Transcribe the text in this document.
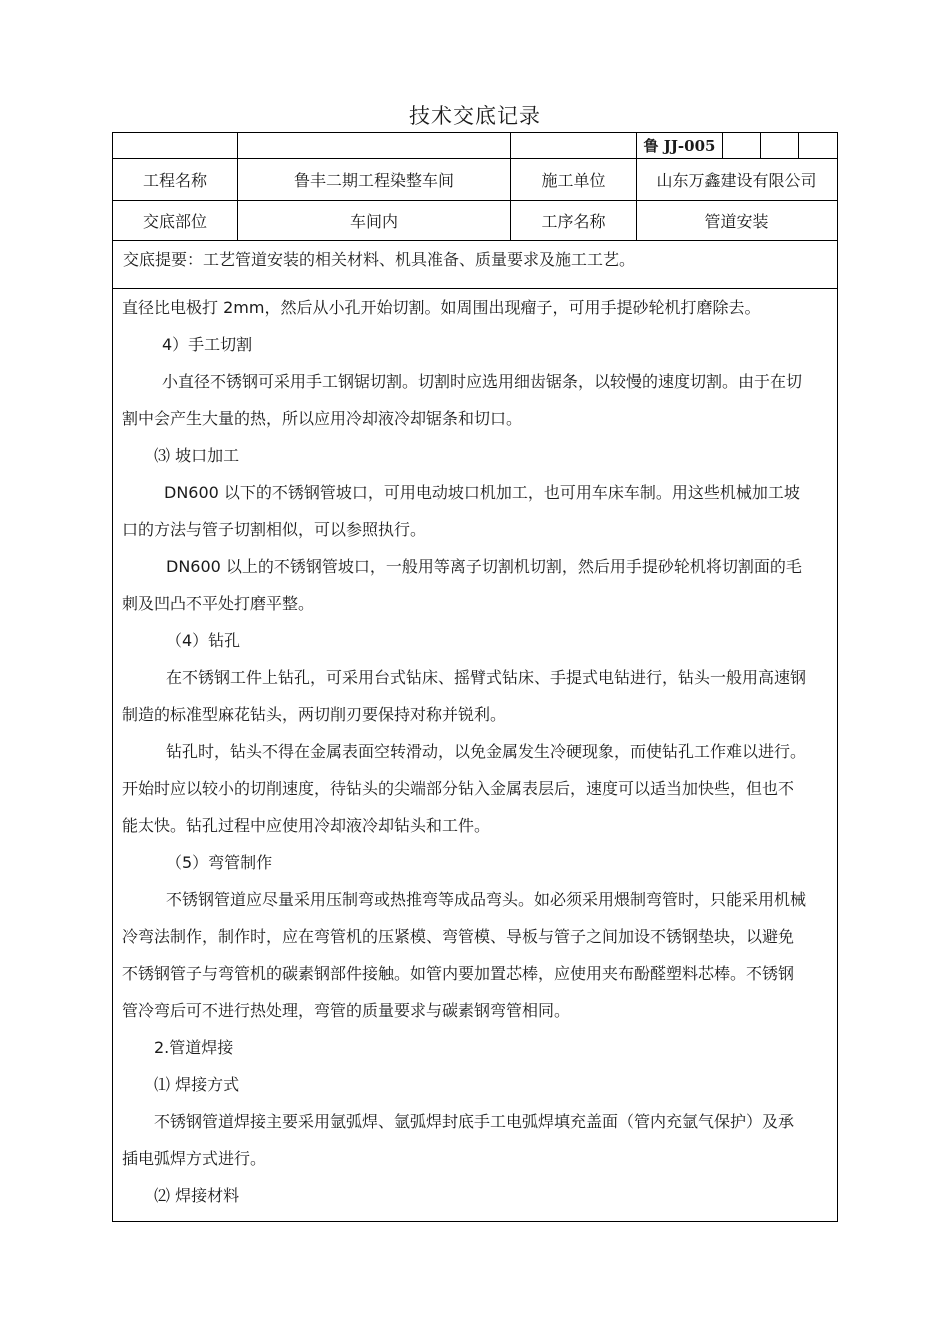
技术交底记录
鲁 JJ-005
工程名称	鲁丰二期工程染整车间	施工单位	山东万鑫建设有限公司
交底部位	车间内	工序名称	管道安装
交底提要：工艺管道安装的相关材料、机具准备、质量要求及施工工艺。
直径比电极打 2mm，然后从小孔开始切割。如周围出现瘤子，可用手提砂轮机打磨除去。
4）手工切割
小直径不锈钢可采用手工钢锯切割。切割时应选用细齿锯条，以较慢的速度切割。由于在切
割中会产生大量的热，所以应用冷却液冷却锯条和切口。
⑶ 坡口加工
DN600 以下的不锈钢管坡口，可用电动坡口机加工，也可用车床车制。用这些机械加工坡
口的方法与管子切割相似，可以参照执行。
DN600 以上的不锈钢管坡口，一般用等离子切割机切割，然后用手提砂轮机将切割面的毛
刺及凹凸不平处打磨平整。
（4）钻孔
在不锈钢工件上钻孔，可采用台式钻床、摇臂式钻床、手提式电钻进行，钻头一般用高速钢
制造的标准型麻花钻头，两切削刃要保持对称并锐利。
钻孔时，钻头不得在金属表面空转滑动，以免金属发生冷硬现象，而使钻孔工作难以进行。
开始时应以较小的切削速度，待钻头的尖端部分钻入金属表层后，速度可以适当加快些，但也不
能太快。钻孔过程中应使用冷却液冷却钻头和工件。
（5）弯管制作
不锈钢管道应尽量采用压制弯或热推弯等成品弯头。如必须采用煨制弯管时，只能采用机械
冷弯法制作，制作时，应在弯管机的压紧模、弯管模、导板与管子之间加设不锈钢垫块，以避免
不锈钢管子与弯管机的碳素钢部件接触。如管内要加置芯棒，应使用夹布酚醛塑料芯棒。不锈钢
管冷弯后可不进行热处理，弯管的质量要求与碳素钢弯管相同。
2.管道焊接
⑴ 焊接方式
不锈钢管道焊接主要采用氩弧焊、氩弧焊封底手工电弧焊填充盖面（管内充氩气保护）及承
插电弧焊方式进行。
⑵ 焊接材料
